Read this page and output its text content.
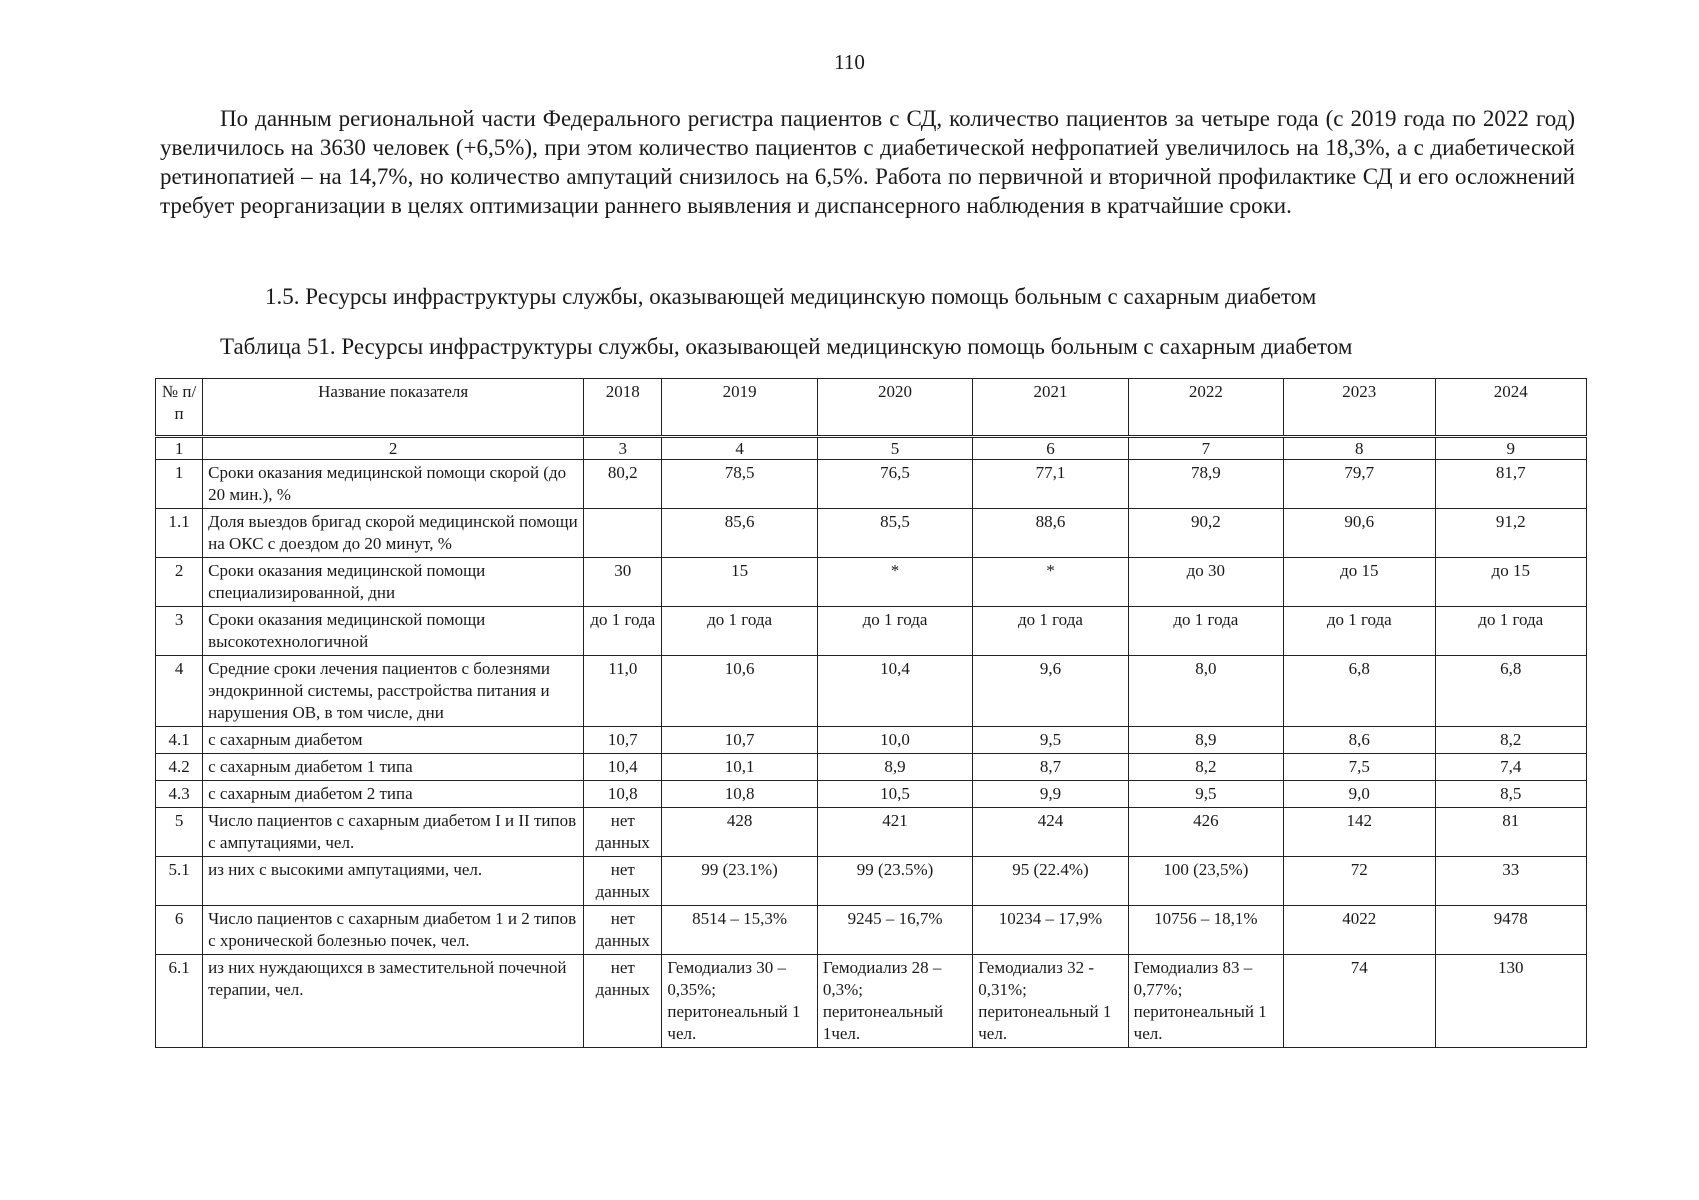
110

По данным региональной части Федерального регистра пациентов с СД, количество пациентов за четыре года (с 2019 года по 2022 год) увеличилось на 3630 человек (+6,5%), при этом количество пациентов с диабетической нефропатией увеличилось на 18,3%, а с диабетической ретинопатией – на 14,7%, но количество ампутаций снизилось на 6,5%. Работа по первичной и вторичной профилактике СД и его осложнений требует реорганизации в целях оптимизации раннего выявления и диспансерного наблюдения в кратчайшие сроки.

1.5. Ресурсы инфраструктуры службы, оказывающей медицинскую помощь больным с сахарным диабетом

Таблица 51. Ресурсы инфраструктуры службы, оказывающей медицинскую помощь больным с сахарным диабетом

№ п/п	Название показателя	2018	2019	2020	2021	2022	2023	2024
1	2	3	4	5	6	7	8	9
1	Сроки оказания медицинской помощи скорой (до 20 мин.), %	80,2	78,5	76,5	77,1	78,9	79,7	81,7
1.1	Доля выездов бригад скорой медицинской помощи на ОКС с доездом до 20 минут, %		85,6	85,5	88,6	90,2	90,6	91,2
2	Сроки оказания медицинской помощи специализированной, дни	30	15	*	*	до 30	до 15	до 15
3	Сроки оказания медицинской помощи высокотехнологичной	до 1 года	до 1 года	до 1 года	до 1 года	до 1 года	до 1 года	до 1 года
4	Средние сроки лечения пациентов с болезнями эндокринной системы, расстройства питания и нарушения ОВ, в том числе, дни	11,0	10,6	10,4	9,6	8,0	6,8	6,8
4.1	с сахарным диабетом	10,7	10,7	10,0	9,5	8,9	8,6	8,2
4.2	с сахарным диабетом 1 типа	10,4	10,1	8,9	8,7	8,2	7,5	7,4
4.3	с сахарным диабетом 2 типа	10,8	10,8	10,5	9,9	9,5	9,0	8,5
5	Число пациентов с сахарным диабетом I и II типов с ампутациями, чел.	нет данных	428	421	424	426	142	81
5.1	из них с высокими ампутациями, чел.	нет данных	99 (23.1%)	99 (23.5%)	95 (22.4%)	100 (23,5%)	72	33
6	Число пациентов с сахарным диабетом 1 и 2 типов с хронической болезнью почек, чел.	нет данных	8514 – 15,3%	9245 – 16,7%	10234 – 17,9%	10756 – 18,1%	4022	9478
6.1	из них нуждающихся в заместительной почечной терапии, чел.	нет данных	Гемодиализ 30 – 0,35%; перитонеальный 1 чел.	Гемодиализ 28 – 0,3%; перитонеальный 1чел.	Гемодиализ 32 - 0,31%; перитонеальный 1 чел.	Гемодиализ 83 – 0,77%; перитонеальный 1 чел.	74	130
